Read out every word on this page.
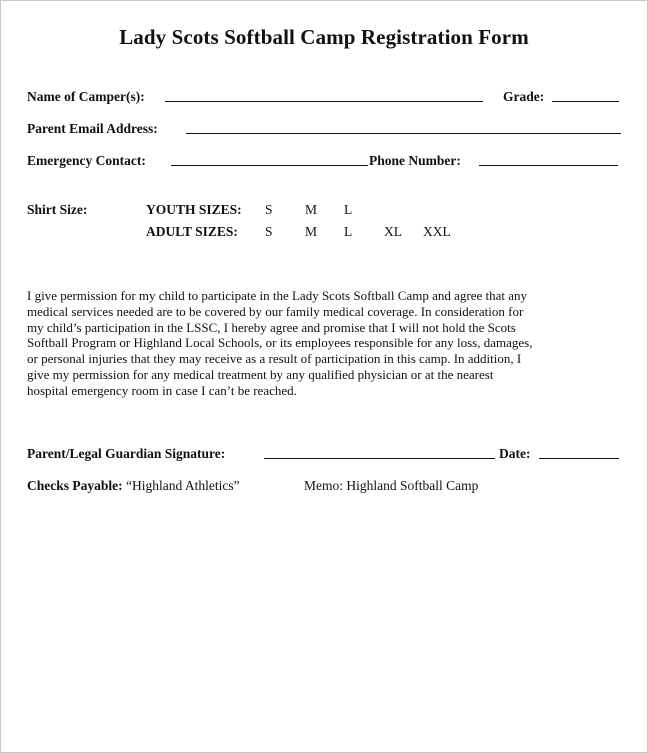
Lady Scots Softball Camp Registration Form
Name of Camper(s):	Grade:
Parent Email Address:
Emergency Contact:	Phone Number:
Shirt Size:	YOUTH SIZES: S M L
ADULT SIZES: S M L XL XXL
I give permission for my child to participate in the Lady Scots Softball Camp and agree that any
medical services needed are to be covered by our family medical coverage. In consideration for
my child’s participation in the LSSC, I hereby agree and promise that I will not hold the Scots
Softball Program or Highland Local Schools, or its employees responsible for any loss, damages,
or personal injuries that they may receive as a result of participation in this camp. In addition, I
give my permission for any medical treatment by any qualified physician or at the nearest
hospital emergency room in case I can’t be reached.
Parent/Legal Guardian Signature:	Date:
Checks Payable: “Highland Athletics”	Memo: Highland Softball Camp
